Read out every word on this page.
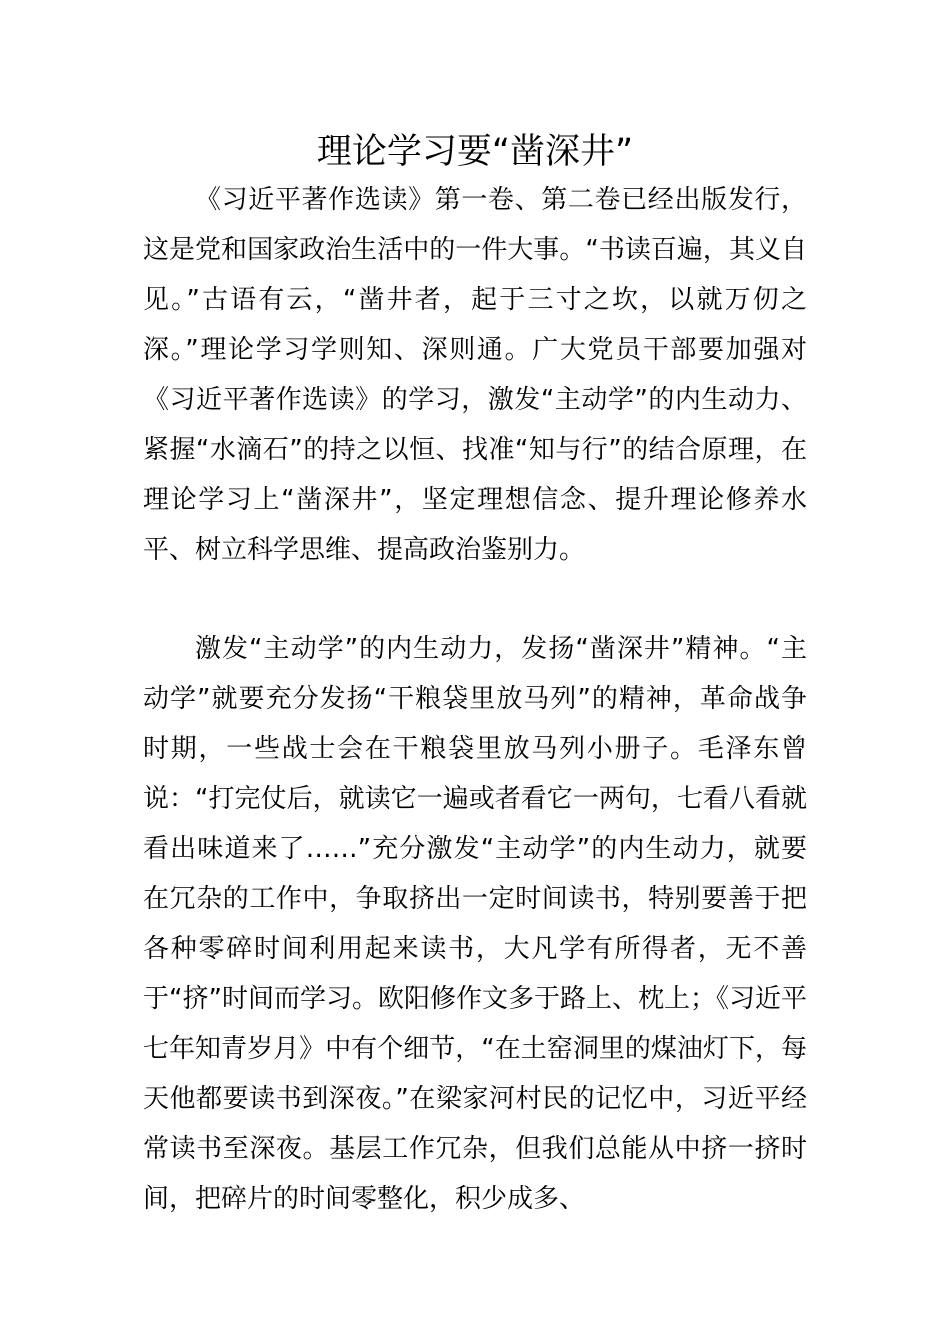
理论学习要“凿深井”

《习近平著作选读》第一卷、第二卷已经出版发行，这是党和国家政治生活中的一件大事。“书读百遍，其义自见。”古语有云，“凿井者，起于三寸之坎，以就万仞之深。”理论学习学则知、深则通。广大党员干部要加强对《习近平著作选读》的学习，激发“主动学”的内生动力、紧握“水滴石”的持之以恒、找准“知与行”的结合原理，在理论学习上“凿深井”，坚定理想信念、提升理论修养水平、树立科学思维、提高政治鉴别力。

激发“主动学”的内生动力，发扬“凿深井”精神。“主动学”就要充分发扬“干粮袋里放马列”的精神，革命战争时期，一些战士会在干粮袋里放马列小册子。毛泽东曾说：“打完仗后，就读它一遍或者看它一两句，七看八看就看出味道来了……”充分激发“主动学”的内生动力，就要在冗杂的工作中，争取挤出一定时间读书，特别要善于把各种零碎时间利用起来读书，大凡学有所得者，无不善于“挤”时间而学习。欧阳修作文多于路上、枕上；《习近平七年知青岁月》中有个细节，“在土窑洞里的煤油灯下，每天他都要读书到深夜。”在梁家河村民的记忆中，习近平经常读书至深夜。基层工作冗杂，但我们总能从中挤一挤时间，把碎片的时间零整化，积少成多、
